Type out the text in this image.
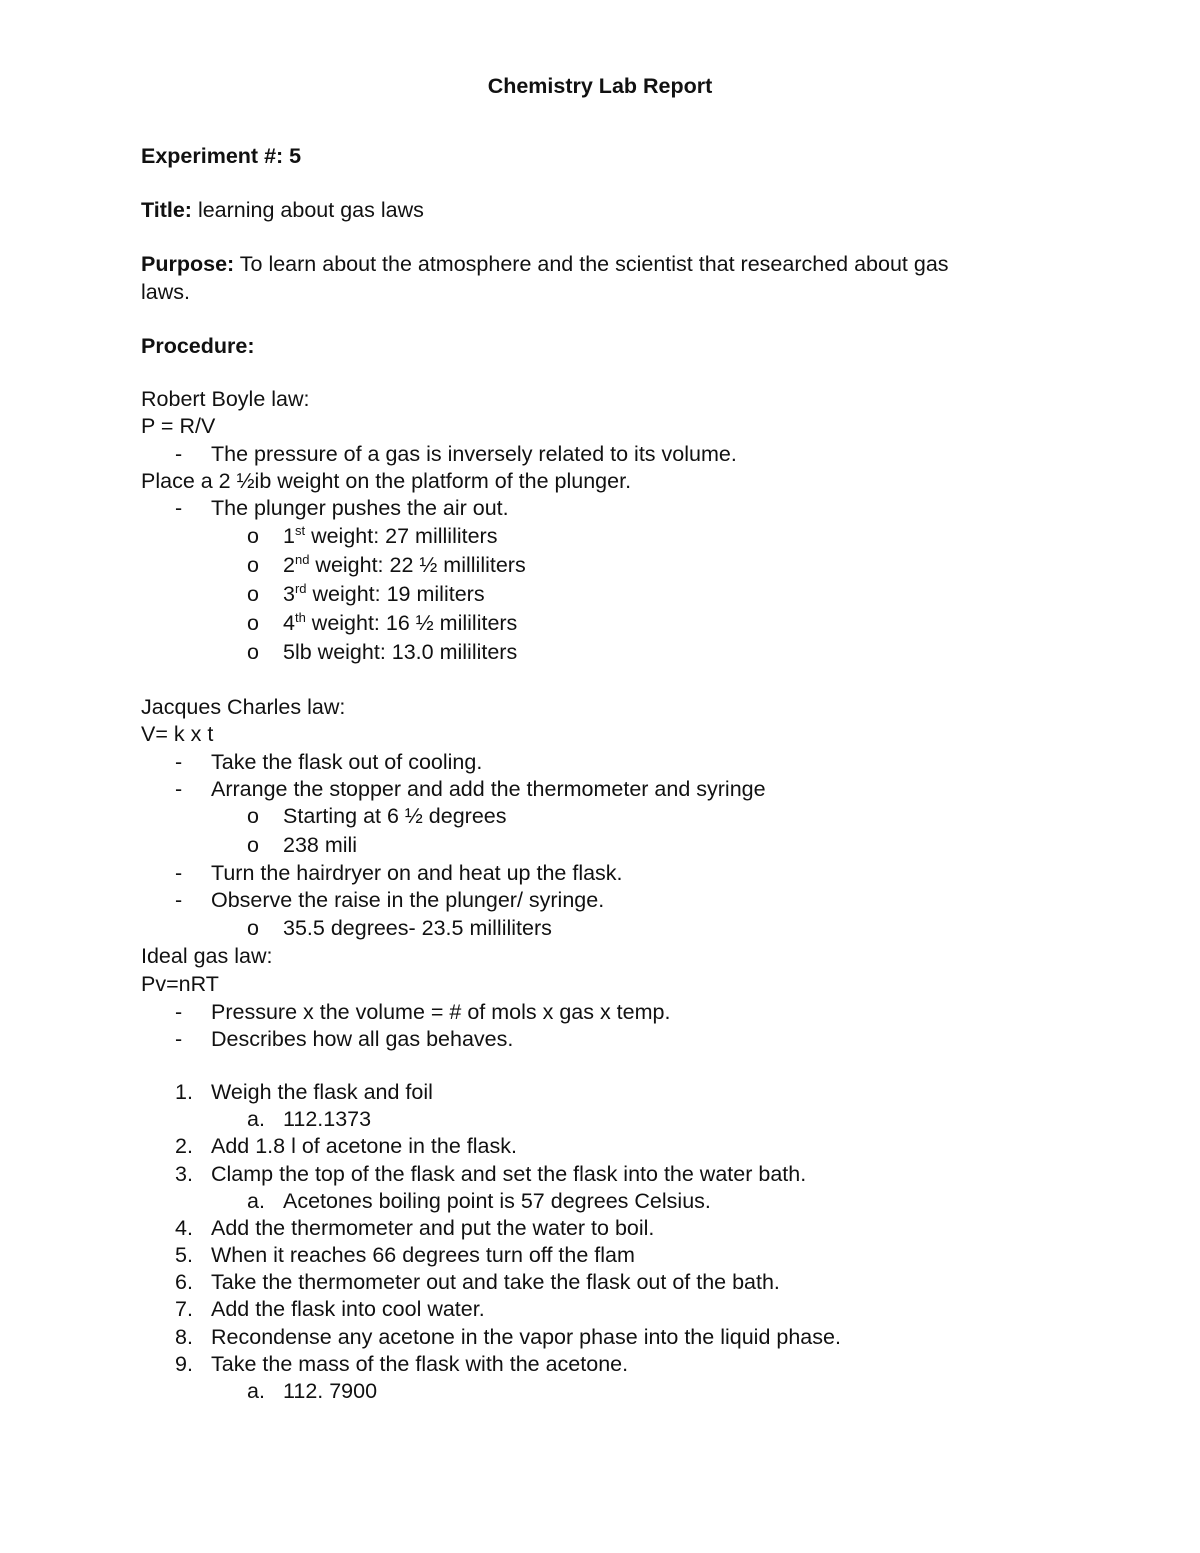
Chemistry Lab Report
Experiment #: 5
Title: learning about gas laws
Purpose: To learn about the atmosphere and the scientist that researched about gas
laws.
Procedure:
Robert Boyle law:
P = R/V
- The pressure of a gas is inversely related to its volume.
Place a 2 ½ib weight on the platform of the plunger.
- The plunger pushes the air out.
o 1st weight: 27 milliliters
o 2nd weight: 22 ½ milliliters
o 3rd weight: 19 militers
o 4th weight: 16 ½ mililiters
o 5lb weight: 13.0 mililiters
Jacques Charles law:
V= k x t
- Take the flask out of cooling.
- Arrange the stopper and add the thermometer and syringe
o Starting at 6 ½ degrees
o 238 mili
- Turn the hairdryer on and heat up the flask.
- Observe the raise in the plunger/ syringe.
o 35.5 degrees- 23.5 milliliters
Ideal gas law:
Pv=nRT
- Pressure x the volume = # of mols x gas x temp.
- Describes how all gas behaves.
1. Weigh the flask and foil
a. 112.1373
2. Add 1.8 l of acetone in the flask.
3. Clamp the top of the flask and set the flask into the water bath.
a. Acetones boiling point is 57 degrees Celsius.
4. Add the thermometer and put the water to boil.
5. When it reaches 66 degrees turn off the flam
6. Take the thermometer out and take the flask out of the bath.
7. Add the flask into cool water.
8. Recondense any acetone in the vapor phase into the liquid phase.
9. Take the mass of the flask with the acetone.
a. 112. 7900
